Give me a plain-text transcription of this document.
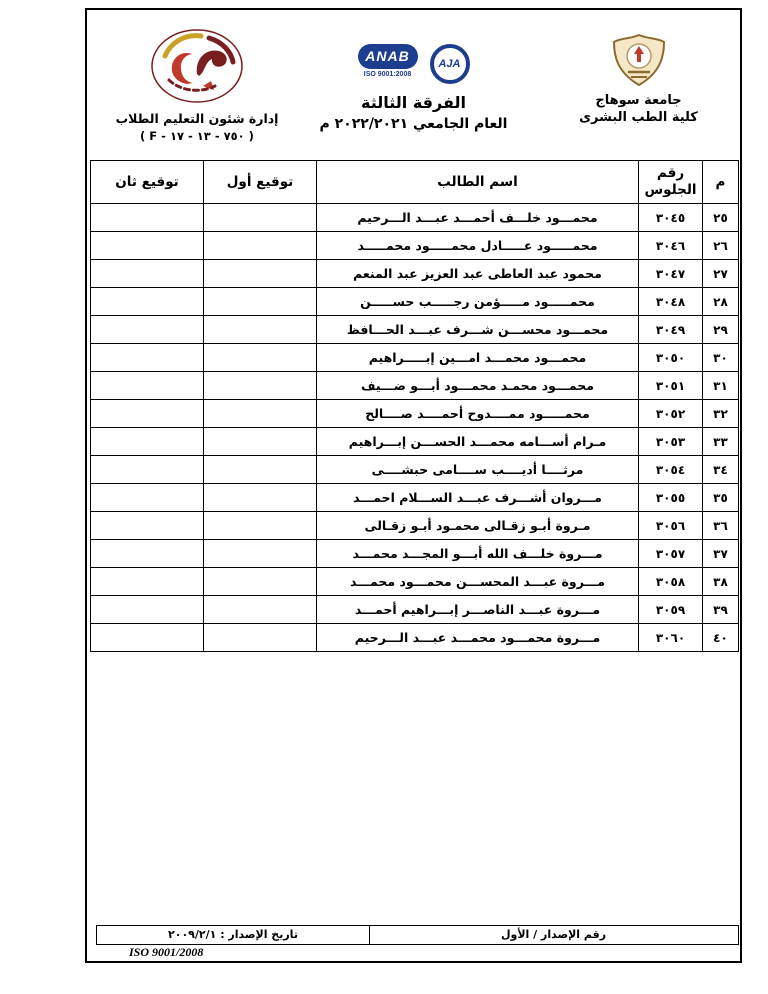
جامعة سوهاج
كلية الطب البشرى
ANAB
ISO 9001:2008
AJA
الفرقة الثالثة
العام الجامعي ٢٠٢٢/٢٠٢١ م
إدارة شئون التعليم الطلاب
( F - ٧٥٠ - ١٣ - ١٧ )
م	رقم الجلوس	اسم الطالب	توقيع أول	توقيع ثان
٢٥	٣٠٤٥	محمـــود خلـــف أحمـــد عبـــد الـــرحيم		
٢٦	٣٠٤٦	محمـــــود عـــــادل محمـــــود محمـــــد		
٢٧	٣٠٤٧	محمود عبد العاطى عبد العزيز عبد المنعم		
٢٨	٣٠٤٨	محمـــــود مـــــؤمن رجـــــب حســـــن		
٢٩	٣٠٤٩	محمـــود محســـن شـــرف عبـــد الحـــافظ		
٣٠	٣٠٥٠	محمـــود محمـــد امـــين إبـــــراهيم		
٣١	٣٠٥١	محمـــود محمـد محمـــود أبـــو ضـــيف		
٣٢	٣٠٥٢	محمـــــود ممــــدوح أحمــــد صــــالح		
٣٣	٣٠٥٣	مـرام أســـامه محمـــد الحســـن إبـــراهيم		
٣٤	٣٠٥٤	مرثــــا أديــــب ســــامى حبشــــى		
٣٥	٣٠٥٥	مـــروان أشـــرف عبـــد الســـلام احمـــد		
٣٦	٣٠٥٦	مـروة أبـو زقـالى محمـود أبـو زقـالى		
٣٧	٣٠٥٧	مـــروة خلـــف الله أبـــو المجـــد محمـــد		
٣٨	٣٠٥٨	مـــروة عبـــد المحســـن محمـــود محمـــد		
٣٩	٣٠٥٩	مـــروة عبـــد الناصـــر إبـــراهيم أحمـــد		
٤٠	٣٠٦٠	مـــروة محمـــود محمـــد عبـــد الـــرحيم		
رقم الإصدار / الأول
تاريخ الإصدار : ٢٠٠٩/٢/١
ISO 9001/2008
